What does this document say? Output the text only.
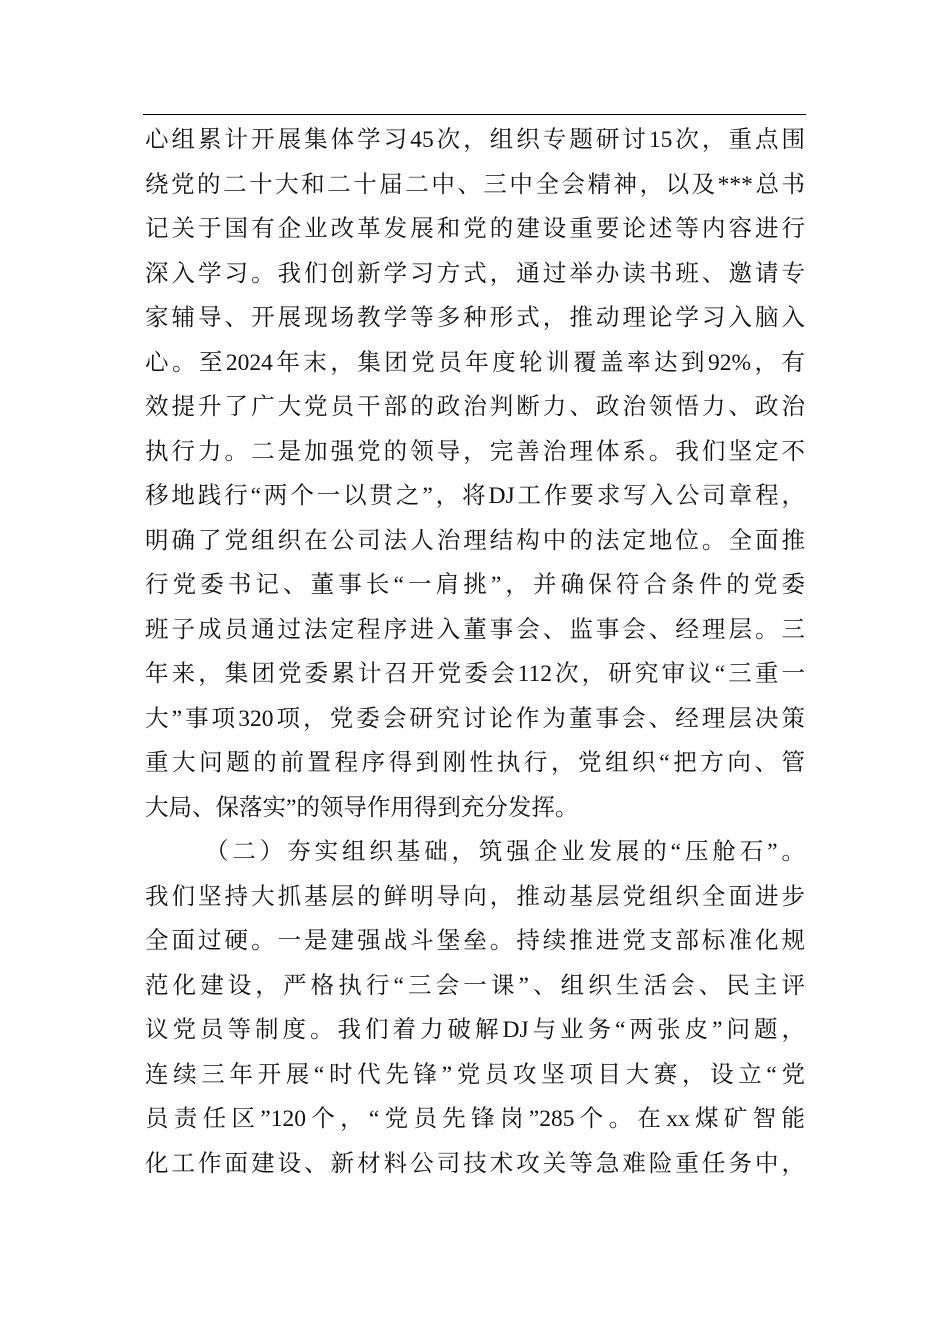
心组累计开展集体学习45次，组织专题研讨15次，重点围
绕党的二十大和二十届二中、三中全会精神，以及***总书
记关于国有企业改革发展和党的建设重要论述等内容进行
深入学习。我们创新学习方式，通过举办读书班、邀请专
家辅导、开展现场教学等多种形式，推动理论学习入脑入
心。至2024年末，集团党员年度轮训覆盖率达到92%，有
效提升了广大党员干部的政治判断力、政治领悟力、政治
执行力。二是加强党的领导，完善治理体系。我们坚定不
移地践行“两个一以贯之”，将DJ工作要求写入公司章程，
明确了党组织在公司法人治理结构中的法定地位。全面推
行党委书记、董事长“一肩挑”，并确保符合条件的党委
班子成员通过法定程序进入董事会、监事会、经理层。三
年来，集团党委累计召开党委会112次，研究审议“三重一
大”事项320项，党委会研究讨论作为董事会、经理层决策
重大问题的前置程序得到刚性执行，党组织“把方向、管
大局、保落实”的领导作用得到充分发挥。
（二）夯实组织基础，筑强企业发展的“压舱石”。
我们坚持大抓基层的鲜明导向，推动基层党组织全面进步
全面过硬。一是建强战斗堡垒。持续推进党支部标准化规
范化建设，严格执行“三会一课”、组织生活会、民主评
议党员等制度。我们着力破解DJ与业务“两张皮”问题，
连续三年开展“时代先锋”党员攻坚项目大赛，设立“党
员责任区”120个，“党员先锋岗”285个。在xx煤矿智能
化工作面建设、新材料公司技术攻关等急难险重任务中，
